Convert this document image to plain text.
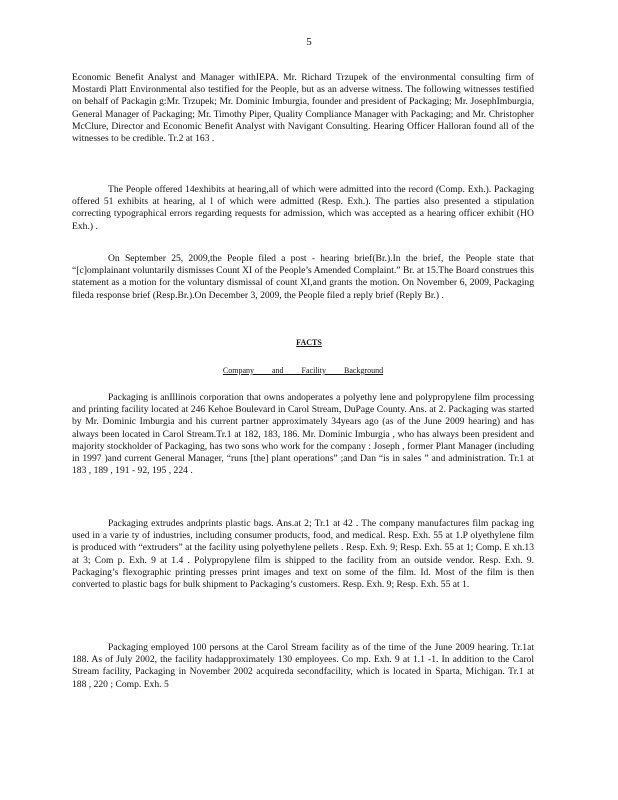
5

Economic Benefit Analyst and Manager withIEPA. Mr. Richard Trzupek of the environmental consulting firm of Mostardi Platt Environmental also testified for the People, but as an adverse witness. The following witnesses testified on behalf of Packagin g:Mr. Trzupek; Mr. Dominic Imburgia, founder and president of Packaging; Mr. JosephImburgia, General Manager of Packaging; Mr. Timothy Piper, Quality Compliance Manager with Packaging; and Mr. Christopher McClure, Director and Economic Benefit Analyst with Navigant Consulting. Hearing Officer Halloran found all of the witnesses to be credible. Tr.2 at 163 .

The People offered 14exhibits at hearing,all of which were admitted into the record (Comp. Exh.). Packaging offered 51 exhibits at hearing, al l of which were admitted (Resp. Exh.). The parties also presented a stipulation correcting typographical errors regarding requests for admission, which was accepted as a hearing officer exhibit (HO Exh.) .

On September 25, 2009,the People filed a post - hearing brief(Br.).In the brief, the People state that “[c]omplainant voluntarily dismisses Count XI of the People’s Amended Complaint.” Br. at 15.The Board construes this statement as a motion for the voluntary dismissal of count XI,and grants the motion. On November 6, 2009, Packaging fileda response brief (Resp.Br.).On December 3, 2009, the People filed a reply brief (Reply Br.) .

FACTS
Company and Facility Background

Packaging is anIllinois corporation that owns andoperates a polyethy lene and polypropylene film processing and printing facility located at 246 Kehoe Boulevard in Carol Stream, DuPage County. Ans. at 2. Packaging was started by Mr. Dominic Imburgia and his current partner approximately 34years ago (as of the June 2009 hearing) and has always been located in Carol Stream.Tr.1 at 182, 183, 186. Mr. Dominic Imburgia , who has always been president and majority stockholder of Packaging, has two sons who work for the company : Joseph , former Plant Manager (including in 1997 )and current General Manager, “runs [the] plant operations” ;and Dan “is in sales ” and administration. Tr.1 at 183 , 189 , 191 - 92, 195 , 224 .

Packaging extrudes andprints plastic bags. Ans.at 2; Tr.1 at 42 . The company manufactures film packag ing used in a varie ty of industries, including consumer products, food, and medical. Resp. Exh. 55 at 1.P olyethylene film is produced with “extruders” at the facility using polyethylene pellets . Resp. Exh. 9; Resp. Exh. 55 at 1; Comp. E xh.13 at 3; Com p. Exh. 9 at 1.4 . Polypropylene film is shipped to the facility from an outside vendor. Resp. Exh. 9. Packaging’s flexographic printing presses print images and text on some of the film. Id. Most of the film is then converted to plastic bags for bulk shipment to Packaging’s customers. Resp. Exh. 9; Resp. Exh. 55 at 1.

Packaging employed 100 persons at the Carol Stream facility as of the time of the June 2009 hearing. Tr.1at 188. As of July 2002, the facility hadapproximately 130 employees. Co mp. Exh. 9 at 1.1 -1. In addition to the Carol Stream facility, Packaging in November 2002 acquireda secondfacility, which is located in Sparta, Michigan. Tr.1 at 188 , 220 ; Comp. Exh. 5
